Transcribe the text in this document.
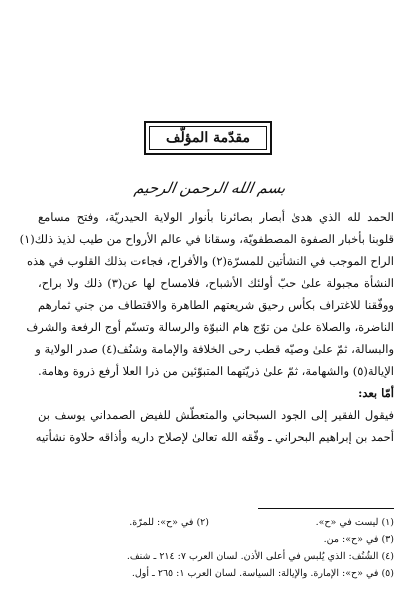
مقدّمة المؤلّف
بسم الله الرحمن الرحيم
الحمد لله الذي هدىٰ أبصار بصائرنا بأنوار الولاية الحيدريّة، وفتح مسامع
قلوبنا بأخبار الصفوة المصطفويّة، وسقانا في عالم الأرواح من طيب لذيذ ذلك(١)
الراح الموجب في النشأتين للمسرّة(٢) والأفراح، فجاءت بذلك القلوب في هذه
النشأة مجبولة علىٰ حبّ أولئك الأشباح، فلامساح لها عن(٣) ذلك ولا براح،
ووفّقنا للاغتراف بكأس رحيق شريعتهم الطاهرة والاقتطاف من جني ثمارهم
الناضرة، والصلاة علىٰ من توّج هام النبوّة والرسالة وتسنّم أوج الرفعة والشرف
والبسالة، ثمّ علىٰ وصيّه قطب رحى الخلافة والإمامة وشنُف(٤) صدر الولاية و
الإيالة(٥) والشهامة، ثمّ علىٰ ذريّتهما المتبوّئين من ذرا العلا أرفع ذروة وهامة.
أمّا بعد:
فيقول الفقير إلى الجود السبحاني والمتعطّش للفيض الصمداني يوسف بن
أحمد بن إبراهيم البحراني ـ وفّقه الله تعالىٰ لإصلاح داريه وأذاقه حلاوة نشأتيه
(١) ليست في «ح».
(٢) في «ح»: للمرّة.
(٣) في «ح»: من.
(٤) الشُنُف: الذي يُلبس في أعلى الأذن. لسان العرب ٧: ٢١٤ ـ شنف.
(٥) في «ح»: الإمارة. والإيالة: السياسة. لسان العرب ١: ٢٦٥ ـ أول.
